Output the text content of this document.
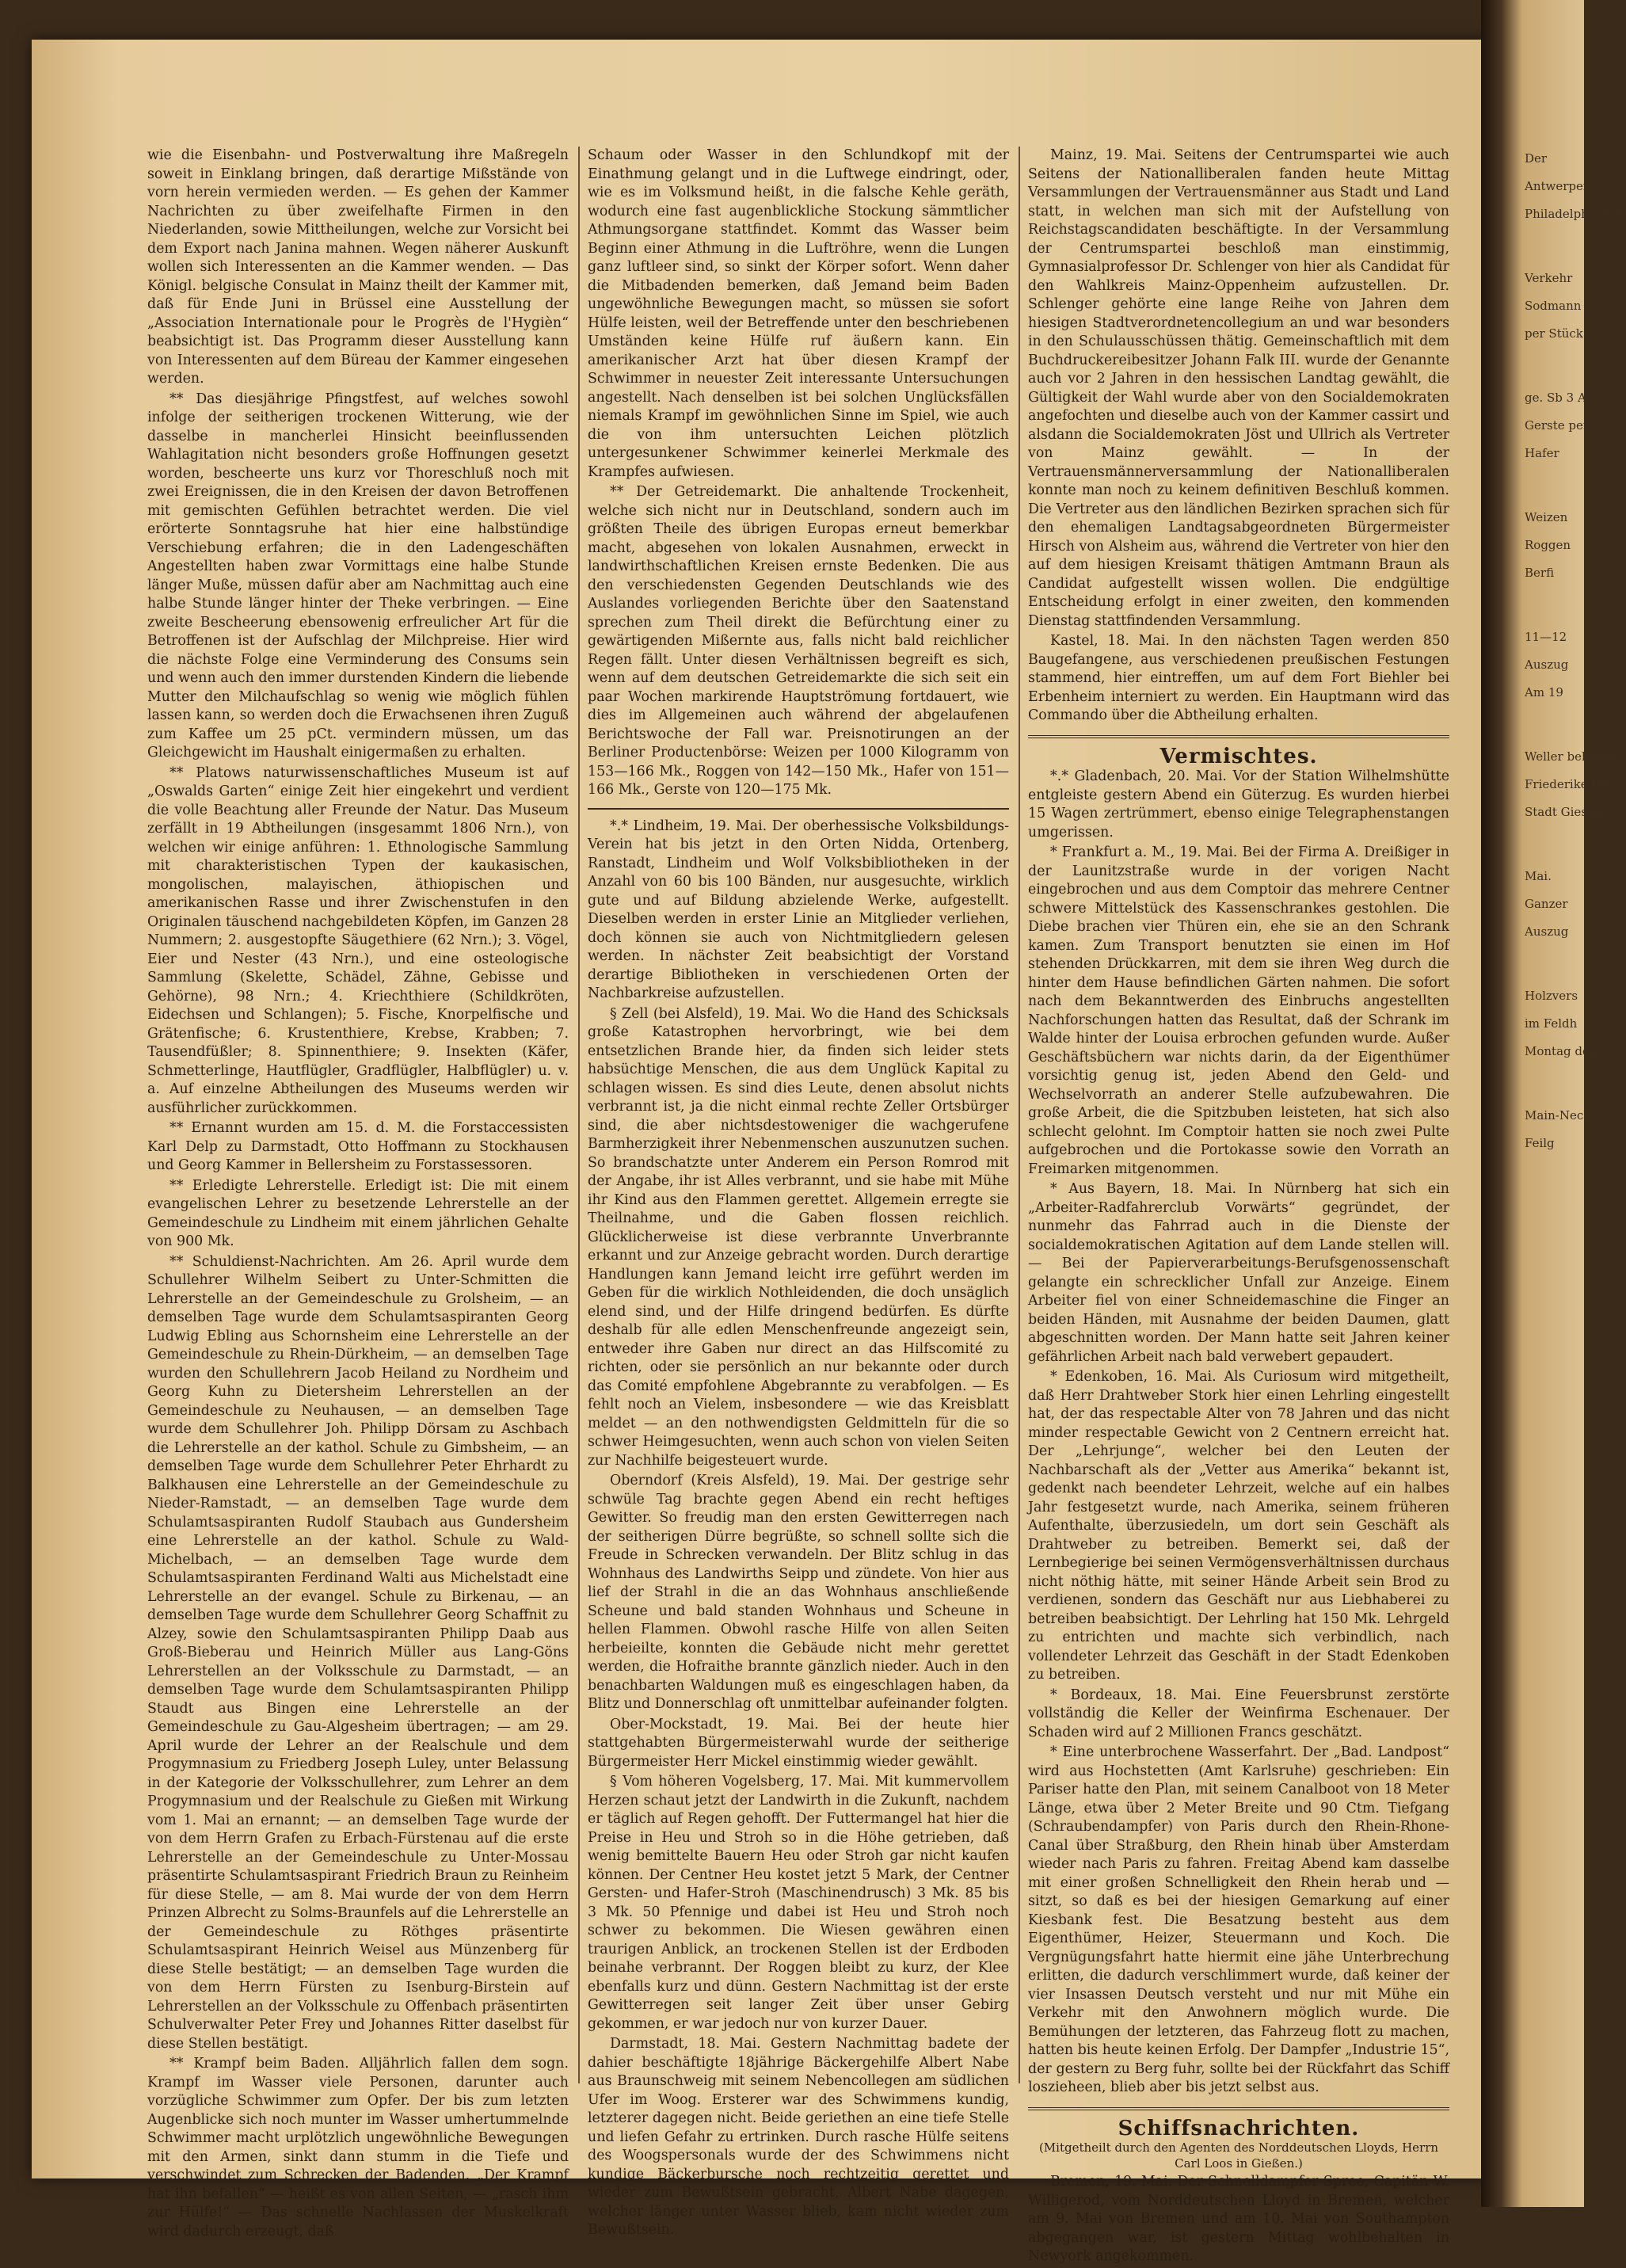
wie die Eisenbahn- und Postverwaltung ihre Maßregeln soweit in Einklang bringen, daß derartige Mißstände von vorn herein vermieden werden. — Es gehen der Kammer Nachrichten zu über zweifelhafte Firmen in den Niederlanden, sowie Mittheilungen, welche zur Vorsicht bei dem Export nach Janina mahnen. Wegen näherer Auskunft wollen sich Interessenten an die Kammer wenden. — Das Königl. belgische Consulat in Mainz theilt der Kammer mit, daß für Ende Juni in Brüssel eine Ausstellung der „Association Internationale pour le Progrès de l'Hygièn“ beabsichtigt ist. Das Programm dieser Ausstellung kann von Interessenten auf dem Büreau der Kammer eingesehen werden.

** Das diesjährige Pfingstfest, auf welches sowohl infolge der seitherigen trockenen Witterung, wie der dasselbe in mancherlei Hinsicht beeinflussenden Wahlagitation nicht besonders große Hoffnungen gesetzt worden, bescheerte uns kurz vor Thoreschluß noch mit zwei Ereignissen, die in den Kreisen der davon Betroffenen mit gemischten Gefühlen betrachtet werden. Die viel erörterte Sonntagsruhe hat hier eine halbstündige Verschiebung erfahren; die in den Ladengeschäften Angestellten haben zwar Vormittags eine halbe Stunde länger Muße, müssen dafür aber am Nachmittag auch eine halbe Stunde länger hinter der Theke verbringen. — Eine zweite Bescheerung ebensowenig erfreulicher Art für die Betroffenen ist der Aufschlag der Milchpreise. Hier wird die nächste Folge eine Verminderung des Consums sein und wenn auch den immer durstenden Kindern die liebende Mutter den Milchaufschlag so wenig wie möglich fühlen lassen kann, so werden doch die Erwachsenen ihren Zuguß zum Kaffee um 25 pCt. vermindern müssen, um das Gleichgewicht im Haushalt einigermaßen zu erhalten.

** Platows naturwissenschaftliches Museum ist auf „Oswalds Garten“ einige Zeit hier eingekehrt und verdient die volle Beachtung aller Freunde der Natur. Das Museum zerfällt in 19 Abtheilungen (insgesammt 1806 Nrn.), von welchen wir einige anführen: 1. Ethnologische Sammlung mit charakteristischen Typen der kaukasischen, mongolischen, malayischen, äthiopischen und amerikanischen Rasse und ihrer Zwischenstufen in den Originalen täuschend nachgebildeten Köpfen, im Ganzen 28 Nummern; 2. ausgestopfte Säugethiere (62 Nrn.); 3. Vögel, Eier und Nester (43 Nrn.), und eine osteologische Sammlung (Skelette, Schädel, Zähne, Gebisse und Gehörne), 98 Nrn.; 4. Kriechthiere (Schildkröten, Eidechsen und Schlangen); 5. Fische, Knorpelfische und Grätenfische; 6. Krustenthiere, Krebse, Krabben; 7. Tausendfüßler; 8. Spinnenthiere; 9. Insekten (Käfer, Schmetterlinge, Hautflügler, Gradflügler, Halbflügler) u. v. a. Auf einzelne Abtheilungen des Museums werden wir ausführlicher zurückkommen.

** Ernannt wurden am 15. d. M. die Forstaccessisten Karl Delp zu Darmstadt, Otto Hoffmann zu Stockhausen und Georg Kammer in Bellersheim zu Forstassessoren.

** Erledigte Lehrerstelle. Erledigt ist: Die mit einem evangelischen Lehrer zu besetzende Lehrerstelle an der Gemeindeschule zu Lindheim mit einem jährlichen Gehalte von 900 Mk.

** Schuldienst-Nachrichten. Am 26. April wurde dem Schullehrer Wilhelm Seibert zu Unter-Schmitten die Lehrerstelle an der Gemeindeschule zu Grolsheim, — an demselben Tage wurde dem Schulamtsaspiranten Georg Ludwig Ebling aus Schornsheim eine Lehrerstelle an der Gemeindeschule zu Rhein-Dürkheim, — an demselben Tage wurden den Schullehrern Jacob Heiland zu Nordheim und Georg Kuhn zu Dietersheim Lehrerstellen an der Gemeindeschule zu Neuhausen, — an demselben Tage wurde dem Schullehrer Joh. Philipp Dörsam zu Aschbach die Lehrerstelle an der kathol. Schule zu Gimbsheim, — an demselben Tage wurde dem Schullehrer Peter Ehrhardt zu Balkhausen eine Lehrerstelle an der Gemeindeschule zu Nieder-Ramstadt, — an demselben Tage wurde dem Schulamtsaspiranten Rudolf Staubach aus Gundersheim eine Lehrerstelle an der kathol. Schule zu Wald-Michelbach, — an demselben Tage wurde dem Schulamtsaspiranten Ferdinand Walti aus Michelstadt eine Lehrerstelle an der evangel. Schule zu Birkenau, — an demselben Tage wurde dem Schullehrer Georg Schaffnit zu Alzey, sowie den Schulamtsaspiranten Philipp Daab aus Groß-Bieberau und Heinrich Müller aus Lang-Göns Lehrerstellen an der Volksschule zu Darmstadt, — an demselben Tage wurde dem Schulamtsaspiranten Philipp Staudt aus Bingen eine Lehrerstelle an der Gemeindeschule zu Gau-Algesheim übertragen; — am 29. April wurde der Lehrer an der Realschule und dem Progymnasium zu Friedberg Joseph Luley, unter Belassung in der Kategorie der Volksschullehrer, zum Lehrer an dem Progymnasium und der Realschule zu Gießen mit Wirkung vom 1. Mai an ernannt; — an demselben Tage wurde der von dem Herrn Grafen zu Erbach-Fürstenau auf die erste Lehrerstelle an der Gemeindeschule zu Unter-Mossau präsentirte Schulamtsaspirant Friedrich Braun zu Reinheim für diese Stelle, — am 8. Mai wurde der von dem Herrn Prinzen Albrecht zu Solms-Braunfels auf die Lehrerstelle an der Gemeindeschule zu Röthges präsentirte Schulamtsaspirant Heinrich Weisel aus Münzenberg für diese Stelle bestätigt; — an demselben Tage wurden die von dem Herrn Fürsten zu Isenburg-Birstein auf Lehrerstellen an der Volksschule zu Offenbach präsentirten Schulverwalter Peter Frey und Johannes Ritter daselbst für diese Stellen bestätigt.

** Krampf beim Baden. Alljährlich fallen dem sogn. Krampf im Wasser viele Personen, darunter auch vorzügliche Schwimmer zum Opfer. Der bis zum letzten Augenblicke sich noch munter im Wasser umhertummelnde Schwimmer macht urplötzlich ungewöhnliche Bewegungen mit den Armen, sinkt dann stumm in die Tiefe und verschwindet zum Schrecken der Badenden. „Der Krampf hat ihn befallen“ — heißt es von allen Seiten, — „rasch ihm zur Hülfe!“ — Das schnelle Nachlassen der Muskelkraft wird dadurch erzeugt, daß

Schaum oder Wasser in den Schlundkopf mit der Einathmung gelangt und in die Luftwege eindringt, oder, wie es im Volksmund heißt, in die falsche Kehle geräth, wodurch eine fast augenblickliche Stockung sämmtlicher Athmungsorgane stattfindet. Kommt das Wasser beim Beginn einer Athmung in die Luftröhre, wenn die Lungen ganz luftleer sind, so sinkt der Körper sofort. Wenn daher die Mitbadenden bemerken, daß Jemand beim Baden ungewöhnliche Bewegungen macht, so müssen sie sofort Hülfe leisten, weil der Betreffende unter den beschriebenen Umständen keine Hülfe ruf äußern kann. Ein amerikanischer Arzt hat über diesen Krampf der Schwimmer in neuester Zeit interessante Untersuchungen angestellt. Nach denselben ist bei solchen Unglücksfällen niemals Krampf im gewöhnlichen Sinne im Spiel, wie auch die von ihm untersuchten Leichen plötzlich untergesunkener Schwimmer keinerlei Merkmale des Krampfes aufwiesen.

** Der Getreidemarkt. Die anhaltende Trockenheit, welche sich nicht nur in Deutschland, sondern auch im größten Theile des übrigen Europas erneut bemerkbar macht, abgesehen von lokalen Ausnahmen, erweckt in landwirthschaftlichen Kreisen ernste Bedenken. Die aus den verschiedensten Gegenden Deutschlands wie des Auslandes vorliegenden Berichte über den Saatenstand sprechen zum Theil direkt die Befürchtung einer zu gewärtigenden Mißernte aus, falls nicht bald reichlicher Regen fällt. Unter diesen Verhältnissen begreift es sich, wenn auf dem deutschen Getreidemarkte die sich seit ein paar Wochen markirende Hauptströmung fortdauert, wie dies im Allgemeinen auch während der abgelaufenen Berichtswoche der Fall war. Preisnotirungen an der Berliner Productenbörse: Weizen per 1000 Kilogramm von 153—166 Mk., Roggen von 142—150 Mk., Hafer von 151—166 Mk., Gerste von 120—175 Mk.

*.* Lindheim, 19. Mai. Der oberhessische Volksbildungs-Verein hat bis jetzt in den Orten Nidda, Ortenberg, Ranstadt, Lindheim und Wolf Volksbibliotheken in der Anzahl von 60 bis 100 Bänden, nur ausgesuchte, wirklich gute und auf Bildung abzielende Werke, aufgestellt. Dieselben werden in erster Linie an Mitglieder verliehen, doch können sie auch von Nichtmitgliedern gelesen werden. In nächster Zeit beabsichtigt der Vorstand derartige Bibliotheken in verschiedenen Orten der Nachbarkreise aufzustellen.

§ Zell (bei Alsfeld), 19. Mai. Wo die Hand des Schicksals große Katastrophen hervorbringt, wie bei dem entsetzlichen Brande hier, da finden sich leider stets habsüchtige Menschen, die aus dem Unglück Kapital zu schlagen wissen. Es sind dies Leute, denen absolut nichts verbrannt ist, ja die nicht einmal rechte Zeller Ortsbürger sind, die aber nichtsdestoweniger die wachgerufene Barmherzigkeit ihrer Nebenmenschen auszunutzen suchen. So brandschatzte unter Anderem ein Person Romrod mit der Angabe, ihr ist Alles verbrannt, und sie habe mit Mühe ihr Kind aus den Flammen gerettet. Allgemein erregte sie Theilnahme, und die Gaben flossen reichlich. Glücklicherweise ist diese verbrannte Unverbrannte erkannt und zur Anzeige gebracht worden. Durch derartige Handlungen kann Jemand leicht irre geführt werden im Geben für die wirklich Nothleidenden, die doch unsäglich elend sind, und der Hilfe dringend bedürfen. Es dürfte deshalb für alle edlen Menschenfreunde angezeigt sein, entweder ihre Gaben nur direct an das Hilfscomité zu richten, oder sie persönlich an nur bekannte oder durch das Comité empfohlene Abgebrannte zu verabfolgen. — Es fehlt noch an Vielem, insbesondere — wie das Kreisblatt meldet — an den nothwendigsten Geldmitteln für die so schwer Heimgesuchten, wenn auch schon von vielen Seiten zur Nachhilfe beigesteuert wurde.

Oberndorf (Kreis Alsfeld), 19. Mai. Der gestrige sehr schwüle Tag brachte gegen Abend ein recht heftiges Gewitter. So freudig man den ersten Gewitterregen nach der seitherigen Dürre begrüßte, so schnell sollte sich die Freude in Schrecken verwandeln. Der Blitz schlug in das Wohnhaus des Landwirths Seipp und zündete. Von hier aus lief der Strahl in die an das Wohnhaus anschließende Scheune und bald standen Wohnhaus und Scheune in hellen Flammen. Obwohl rasche Hilfe von allen Seiten herbeieilte, konnten die Gebäude nicht mehr gerettet werden, die Hofraithe brannte gänzlich nieder. Auch in den benachbarten Waldungen muß es eingeschlagen haben, da Blitz und Donnerschlag oft unmittelbar aufeinander folgten.

Ober-Mockstadt, 19. Mai. Bei der heute hier stattgehabten Bürgermeisterwahl wurde der seitherige Bürgermeister Herr Mickel einstimmig wieder gewählt.

§ Vom höheren Vogelsberg, 17. Mai. Mit kummervollem Herzen schaut jetzt der Landwirth in die Zukunft, nachdem er täglich auf Regen gehofft. Der Futtermangel hat hier die Preise in Heu und Stroh so in die Höhe getrieben, daß wenig bemittelte Bauern Heu oder Stroh gar nicht kaufen können. Der Centner Heu kostet jetzt 5 Mark, der Centner Gersten- und Hafer-Stroh (Maschinendrusch) 3 Mk. 85 bis 3 Mk. 50 Pfennige und dabei ist Heu und Stroh noch schwer zu bekommen. Die Wiesen gewähren einen traurigen Anblick, an trockenen Stellen ist der Erdboden beinahe verbrannt. Der Roggen bleibt zu kurz, der Klee ebenfalls kurz und dünn. Gestern Nachmittag ist der erste Gewitterregen seit langer Zeit über unser Gebirg gekommen, er war jedoch nur von kurzer Dauer.

Darmstadt, 18. Mai. Gestern Nachmittag badete der dahier beschäftigte 18jährige Bäckergehilfe Albert Nabe aus Braunschweig mit seinem Nebencollegen am südlichen Ufer im Woog. Ersterer war des Schwimmens kundig, letzterer dagegen nicht. Beide geriethen an eine tiefe Stelle und liefen Gefahr zu ertrinken. Durch rasche Hülfe seitens des Woogspersonals wurde der des Schwimmens nicht kundige Bäckerbursche noch rechtzeitig gerettet und wieder zum Bewußtsein gebracht, Albert Nabe dagegen, welcher länger unter Wasser blieb, kam nicht wieder zum Bewußtsein.

Mainz, 19. Mai. Seitens der Centrumspartei wie auch Seitens der Nationalliberalen fanden heute Mittag Versammlungen der Vertrauensmänner aus Stadt und Land statt, in welchen man sich mit der Aufstellung von Reichstagscandidaten beschäftigte. In der Versammlung der Centrumspartei beschloß man einstimmig, Gymnasialprofessor Dr. Schlenger von hier als Candidat für den Wahlkreis Mainz-Oppenheim aufzustellen. Dr. Schlenger gehörte eine lange Reihe von Jahren dem hiesigen Stadtverordnetencollegium an und war besonders in den Schulausschüssen thätig. Gemeinschaftlich mit dem Buchdruckereibesitzer Johann Falk III. wurde der Genannte auch vor 2 Jahren in den hessischen Landtag gewählt, die Gültigkeit der Wahl wurde aber von den Socialdemokraten angefochten und dieselbe auch von der Kammer cassirt und alsdann die Socialdemokraten Jöst und Ullrich als Vertreter von Mainz gewählt. — In der Vertrauensmännerversammlung der Nationalliberalen konnte man noch zu keinem definitiven Beschluß kommen. Die Vertreter aus den ländlichen Bezirken sprachen sich für den ehemaligen Landtagsabgeordneten Bürgermeister Hirsch von Alsheim aus, während die Vertreter von hier den auf dem hiesigen Kreisamt thätigen Amtmann Braun als Candidat aufgestellt wissen wollen. Die endgültige Entscheidung erfolgt in einer zweiten, den kommenden Dienstag stattfindenden Versammlung.

Kastel, 18. Mai. In den nächsten Tagen werden 850 Baugefangene, aus verschiedenen preußischen Festungen stammend, hier eintreffen, um auf dem Fort Biehler bei Erbenheim interniert zu werden. Ein Hauptmann wird das Commando über die Abtheilung erhalten.

Vermischtes.

*.* Gladenbach, 20. Mai. Vor der Station Wilhelmshütte entgleiste gestern Abend ein Güterzug. Es wurden hierbei 15 Wagen zertrümmert, ebenso einige Telegraphenstangen umgerissen.

* Frankfurt a. M., 19. Mai. Bei der Firma A. Dreißiger in der Launitzstraße wurde in der vorigen Nacht eingebrochen und aus dem Comptoir das mehrere Centner schwere Mittelstück des Kassenschrankes gestohlen. Die Diebe brachen vier Thüren ein, ehe sie an den Schrank kamen. Zum Transport benutzten sie einen im Hof stehenden Drückkarren, mit dem sie ihren Weg durch die hinter dem Hause befindlichen Gärten nahmen. Die sofort nach dem Bekanntwerden des Einbruchs angestellten Nachforschungen hatten das Resultat, daß der Schrank im Walde hinter der Louisa erbrochen gefunden wurde. Außer Geschäftsbüchern war nichts darin, da der Eigenthümer vorsichtig genug ist, jeden Abend den Geld- und Wechselvorrath an anderer Stelle aufzubewahren. Die große Arbeit, die die Spitzbuben leisteten, hat sich also schlecht gelohnt. Im Comptoir hatten sie noch zwei Pulte aufgebrochen und die Portokasse sowie den Vorrath an Freimarken mitgenommen.

* Aus Bayern, 18. Mai. In Nürnberg hat sich ein „Arbeiter-Radfahrerclub Vorwärts“ gegründet, der nunmehr das Fahrrad auch in die Dienste der socialdemokratischen Agitation auf dem Lande stellen will. — Bei der Papierverarbeitungs-Berufsgenossenschaft gelangte ein schrecklicher Unfall zur Anzeige. Einem Arbeiter fiel von einer Schneidemaschine die Finger an beiden Händen, mit Ausnahme der beiden Daumen, glatt abgeschnitten worden. Der Mann hatte seit Jahren keiner gefährlichen Arbeit nach bald verwebert gepaudert.

* Edenkoben, 16. Mai. Als Curiosum wird mitgetheilt, daß Herr Drahtweber Stork hier einen Lehrling eingestellt hat, der das respectable Alter von 78 Jahren und das nicht minder respectable Gewicht von 2 Centnern erreicht hat. Der „Lehrjunge“, welcher bei den Leuten der Nachbarschaft als der „Vetter aus Amerika“ bekannt ist, gedenkt nach beendeter Lehrzeit, welche auf ein halbes Jahr festgesetzt wurde, nach Amerika, seinem früheren Aufenthalte, überzusiedeln, um dort sein Geschäft als Drahtweber zu betreiben. Bemerkt sei, daß der Lernbegierige bei seinen Vermögensverhältnissen durchaus nicht nöthig hätte, mit seiner Hände Arbeit sein Brod zu verdienen, sondern das Geschäft nur aus Liebhaberei zu betreiben beabsichtigt. Der Lehrling hat 150 Mk. Lehrgeld zu entrichten und machte sich verbindlich, nach vollendeter Lehrzeit das Geschäft in der Stadt Edenkoben zu betreiben.

* Bordeaux, 18. Mai. Eine Feuersbrunst zerstörte vollständig die Keller der Weinfirma Eschenauer. Der Schaden wird auf 2 Millionen Francs geschätzt.

* Eine unterbrochene Wasserfahrt. Der „Bad. Landpost“ wird aus Hochstetten (Amt Karlsruhe) geschrieben: Ein Pariser hatte den Plan, mit seinem Canalboot von 18 Meter Länge, etwa über 2 Meter Breite und 90 Ctm. Tiefgang (Schraubendampfer) von Paris durch den Rhein-Rhone-Canal über Straßburg, den Rhein hinab über Amsterdam wieder nach Paris zu fahren. Freitag Abend kam dasselbe mit einer großen Schnelligkeit den Rhein herab und — sitzt, so daß es bei der hiesigen Gemarkung auf einer Kiesbank fest. Die Besatzung besteht aus dem Eigenthümer, Heizer, Steuermann und Koch. Die Vergnügungsfahrt hatte hiermit eine jähe Unterbrechung erlitten, die dadurch verschlimmert wurde, daß keiner der vier Insassen Deutsch versteht und nur mit Mühe ein Verkehr mit den Anwohnern möglich wurde. Die Bemühungen der letzteren, das Fahrzeug flott zu machen, hatten bis heute keinen Erfolg. Der Dampfer „Industrie 15“, der gestern zu Berg fuhr, sollte bei der Rückfahrt das Schiff loszieheen, blieb aber bis jetzt selbst aus.

Schiffsnachrichten.

(Mitgetheilt durch den Agenten des Norddeutschen Lloyds, Herrn Carl Loos in Gießen.)

Bremen, 19. Mai. Der Schnelldampfer Spree, Capitän W. Willigerod, vom Norddeutschen Lloyd in Bremen, welcher am 9. Mai von Bremen und am 10. Mai von Southampton abgegangen war, ist gestern Mittag wohlbehalten in Newyork angekommen.

Der

Antwerpen

Philadelphia und

Verkehr

Sodmann T.

per Stück

ge. Sb 3 A.

Gerste per

Hafer

Weizen

Roggen

Berfi

11—12

Auszug

Am 19

Weller bekannt

Friederike Wil

Stadt Giessen

Mai.

Ganzer

Auszug

Holzvers

im Feldh

Montag den

Main-Nech

Feilg
